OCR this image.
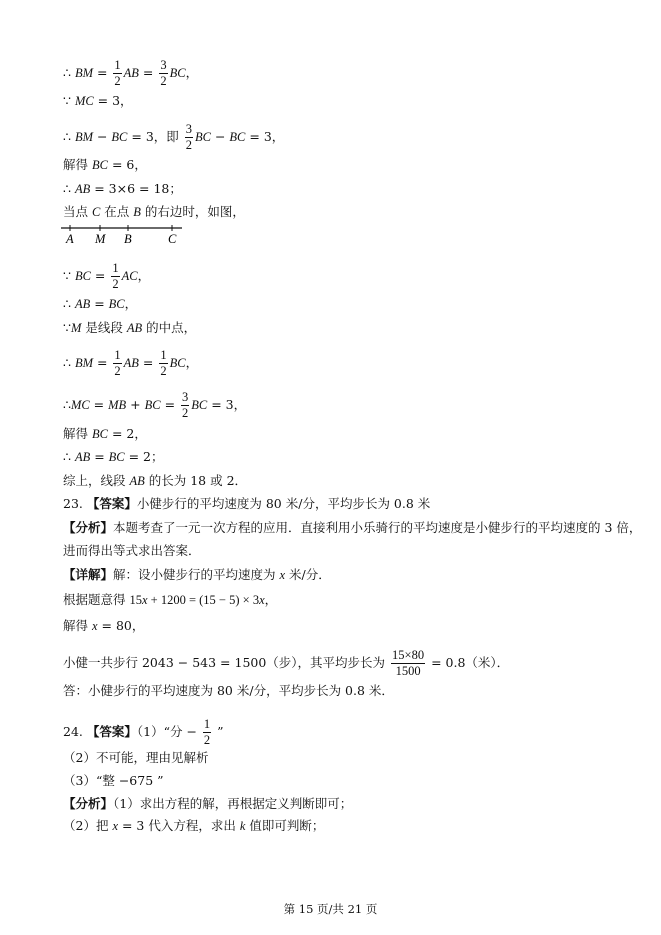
∴ BM = $\frac{1}{2}$ AB = $\frac{3}{2}$ BC，
∵ MC = 3，
∴ BM − BC = 3，即 $\frac{3}{2}$ BC − BC = 3，
解得 BC = 6，
∴ AB = 3×6 = 18；
当点 C 在点 B 的右边时，如图，
A M B	C
∵ BC = $\frac{1}{2}$ AC，
∴ AB = BC，
∵M 是线段 AB 的中点，
∴ BM = $\frac{1}{2}$ AB = $\frac{1}{2}$ BC，
∴MC = MB + BC = $\frac{3}{2}$ BC = 3，
解得 BC = 2，
∴ AB = BC = 2；
综上，线段 AB 的长为 18 或 2．
23. 【答案】小健步行的平均速度为 80 米/分，平均步长为 0.8 米
【分析】本题考查了一元一次方程的应用．直接利用小乐骑行的平均速度是小健步行的平均速度的 3 倍，
进而得出等式求出答案．
【详解】解：设小健步行的平均速度为 x 米/分．
根据题意得 15x + 1200 = (15 − 5) × 3x，
解得 x = 80，
小健一共步行 2043 − 543 = 1500（步），其平均步长为 $\frac{15\times 80}{1500} = 0.8$（米）．
答：小健步行的平均速度为 80 米/分，平均步长为 0.8 米．
24. 【答案】（1）“分 − $\frac{1}{2}$ ”
（2）不可能，理由见解析
（3）“整 −675 ”
【分析】（1）求出方程的解，再根据定义判断即可；
（2）把 x = 3 代入方程，求出 k 值即可判断；
第 15 页/共 21 页
